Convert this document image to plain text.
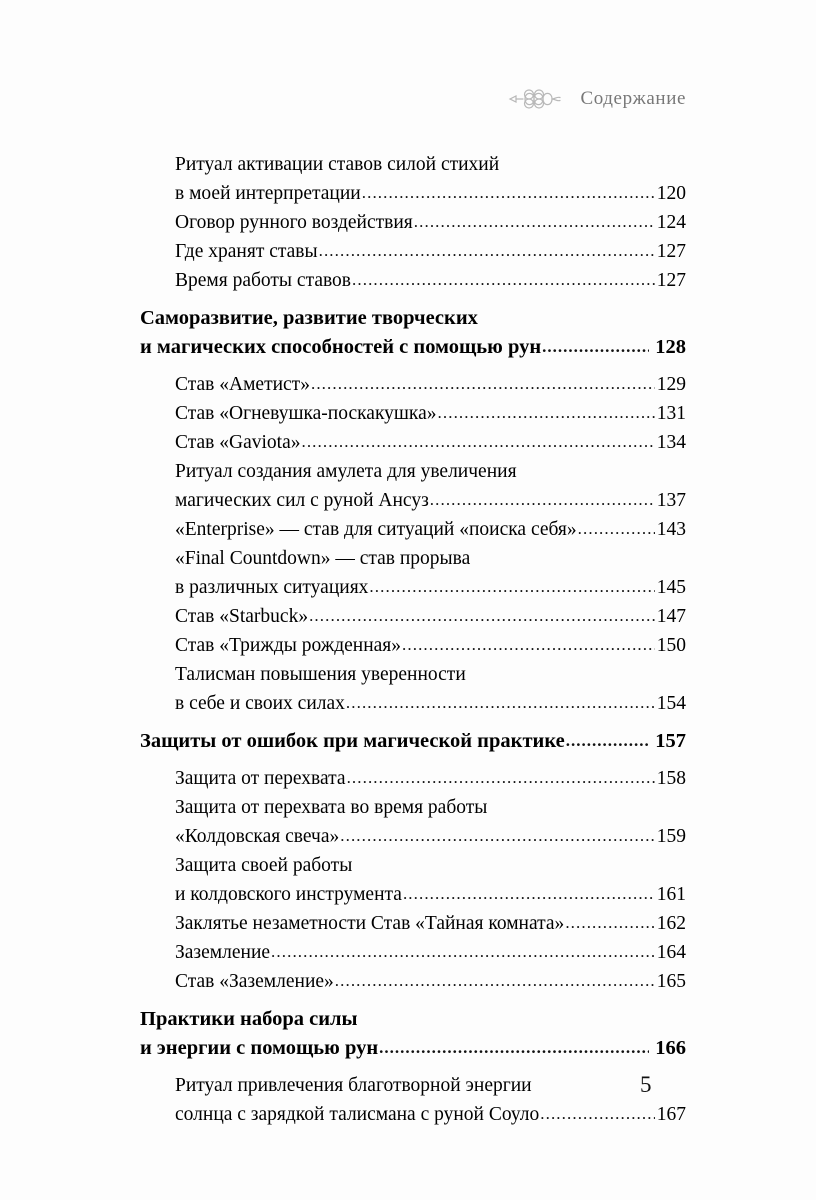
Содержание
Ритуал активации ставов силой стихий
в моей интерпретации .....	120
Оговор рунного воздействия .....	124
Где хранят ставы .....	127
Время работы ставов .....	127
Саморазвитие, развитие творческих
и магических способностей с помощью рун .....	128
Став «Аметист» .....	129
Став «Огневушка-поскакушка» .....	131
Став «Gaviota» .....	134
Ритуал создания амулета для увеличения
магических сил с руной Ансуз .....	137
«Enterprise» — став для ситуаций «поиска себя» .....	143
«Final Countdown» — став прорыва
в различных ситуациях .....	145
Став «Starbuck» .....	147
Став «Трижды рожденная» .....	150
Талисман повышения уверенности
в себе и своих силах .....	154
Защиты от ошибок при магической практике .....	157
Защита от перехвата .....	158
Защита от перехвата во время работы
«Колдовская свеча» .....	159
Защита своей работы
и колдовского инструмента .....	161
Заклятье незаметности Став «Тайная комната» .....	162
Заземление .....	164
Став «Заземление» .....	165
Практики набора силы
и энергии с помощью рун .....	166
Ритуал привлечения благотворной энергии
солнца с зарядкой талисмана с руной Соуло .....	167
5
